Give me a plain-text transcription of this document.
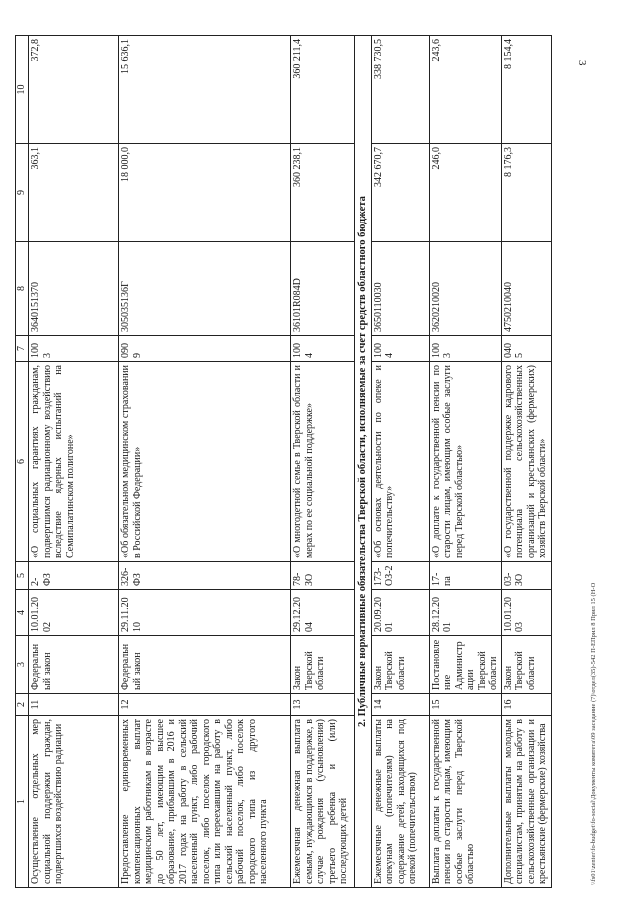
3
\\fs01\zenter\fo-budget\fo-social\Документы комитета\09 заседание (7)\отдел(35)-542 П-ЕПрил 8 Прил 15 (Н-О
1	2	3	4	5	6	7	8	9	10
Осуществление отдельных мер социальной поддержки граждан, подвергшихся воздействию радиации	11	Федеральный закон	10.01.2002	2-ФЗ	«О социальных гарантиях гражданам, подвергшимся радиационному воздействию вследствие ядерных испытаний на Семипалатинском полигоне»	1003	3640151370	363,1	372,8
Предоставление единовременных компенсационных выплат медицинским работникам в возрасте до 50 лет, имеющим высшее образование, прибывшим в 2016 и 2017 годах на работу в сельский населенный пункт, либо рабочий поселок, либо поселок городского типа или переехавшим на работу в сельский населенный пункт, либо рабочий поселок, либо поселок городского типа из другого населенного пункта	12	Федеральный закон	29.11.2010	326-ФЗ	«Об обязательном медицинском страховании в Российской Федерации»	0909	305035136Г	18 000,0	15 636,1
Ежемесячная денежная выплата семьям, нуждающимся в поддержке, в случае рождения (усыновления) третьего ребенка и (или) последующих детей	13	Закон Тверской области	29.12.2004	78-ЗО	«О многодетной семье в Тверской области и мерах по ее социальной поддержке»	1004	36101R084D	360 238,1	360 211,4
2. Публичные нормативные обязательства Тверской области, исполняемые за счет средств областного бюджета									
Ежемесячные денежные выплаты опекунам (попечителям) на содержание детей, находящихся под опекой (попечительством)	14	Закон Тверской области	20.09.2001	173-ОЗ-2	«Об основах деятельности по опеке и попечительству»	1004	3650110030	342 670,7	338 730,5
Выплата доплаты к государственной пенсии по старости лицам, имеющим особые заслуги перед Тверской областью	15	Постановление Администрации Тверской области	28.12.2001	17-па	«О доплате к государственной пенсии по старости лицам, имеющим особые заслуги перед Тверской областью»	1003	3620210020	246,0	243,6
Дополнительные выплаты молодым специалистам, принятым на работу в сельскохозяйственные организации и крестьянские (фермерские) хозяйства	16	Закон Тверской области	10.01.2003	03-ЗО	«О государственной поддержке кадрового потенциала сельскохозяйственных организаций и крестьянских (фермерских) хозяйств Тверской области»	0405	4750210040	8 176,3	8 154,4
